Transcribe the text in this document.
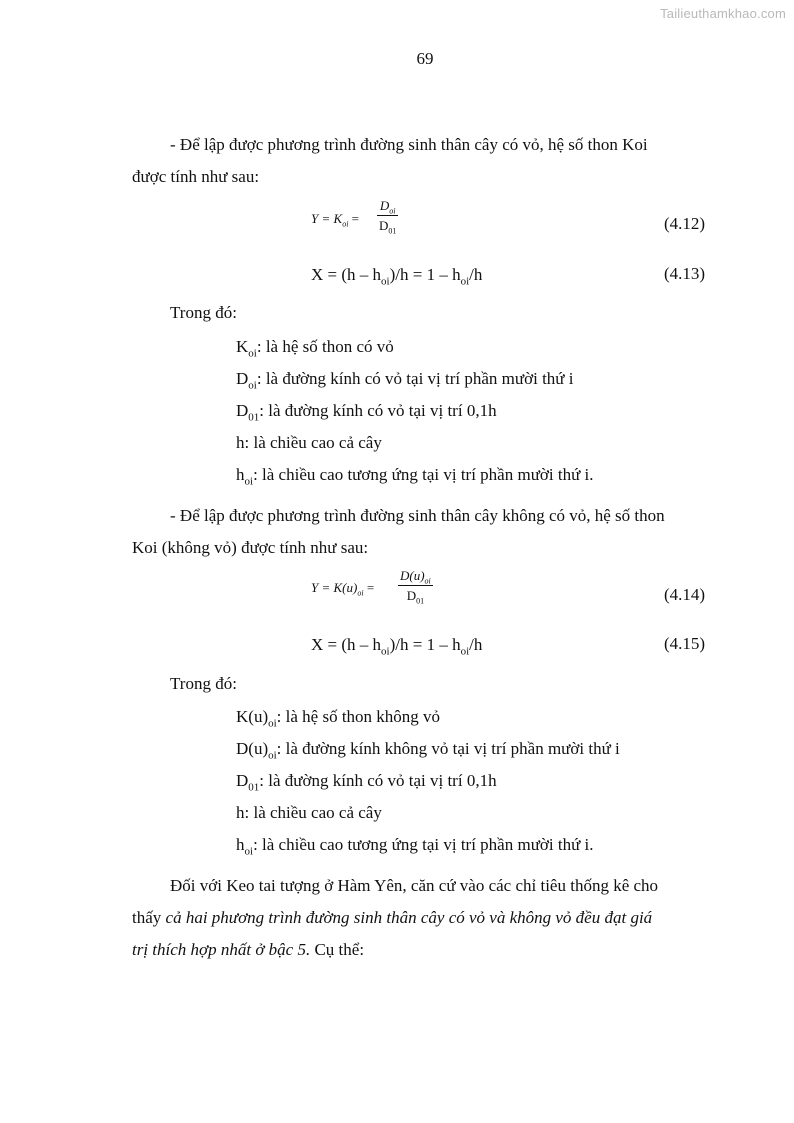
Tailieuthamkhao.com
69
- Để lập được phương trình đường sinh thân cây có vỏ, hệ số thon Koi
được tính như sau:
$Y = K_{oi}$ =
$D_{oi}$
$D_{01}$	(4.12)
$X = (h - h_{oi})/h = 1 - h_{oi}/h$	(4.13)
Trong đó:
$K_{oi}$: là hệ số thon có vỏ
$D_{oi}$: là đường kính có vỏ tại vị trí phần mười thứ i
$D_{01}$: là đường kính có vỏ tại vị trí 0,1h
h: là chiều cao cả cây
$h_{oi}$: là chiều cao tương ứng tại vị trí phần mười thứ i.
- Để lập được phương trình đường sinh thân cây không có vỏ, hệ số thon
Koi (không vỏ) được tính như sau:
$Y = K(u)_{oi}$ =
$D(u)_{oi}$
$D_{01}$	(4.14)
$X = (h - h_{oi})/h = 1 - h_{oi}/h$	(4.15)
Trong đó:
$K(u)_{oi}$: là hệ số thon không vỏ
$D(u)_{oi}$: là đường kính không vỏ tại vị trí phần mười thứ i
$D_{01}$: là đường kính có vỏ tại vị trí 0,1h
h: là chiều cao cả cây
$h_{oi}$: là chiều cao tương ứng tại vị trí phần mười thứ i.
Đối với Keo tai tượng ở Hàm Yên, căn cứ vào các chỉ tiêu thống kê cho
thấy cả hai phương trình đường sinh thân cây có vỏ và không vỏ đều đạt giá
trị thích hợp nhất ở bậc 5. Cụ thể:
